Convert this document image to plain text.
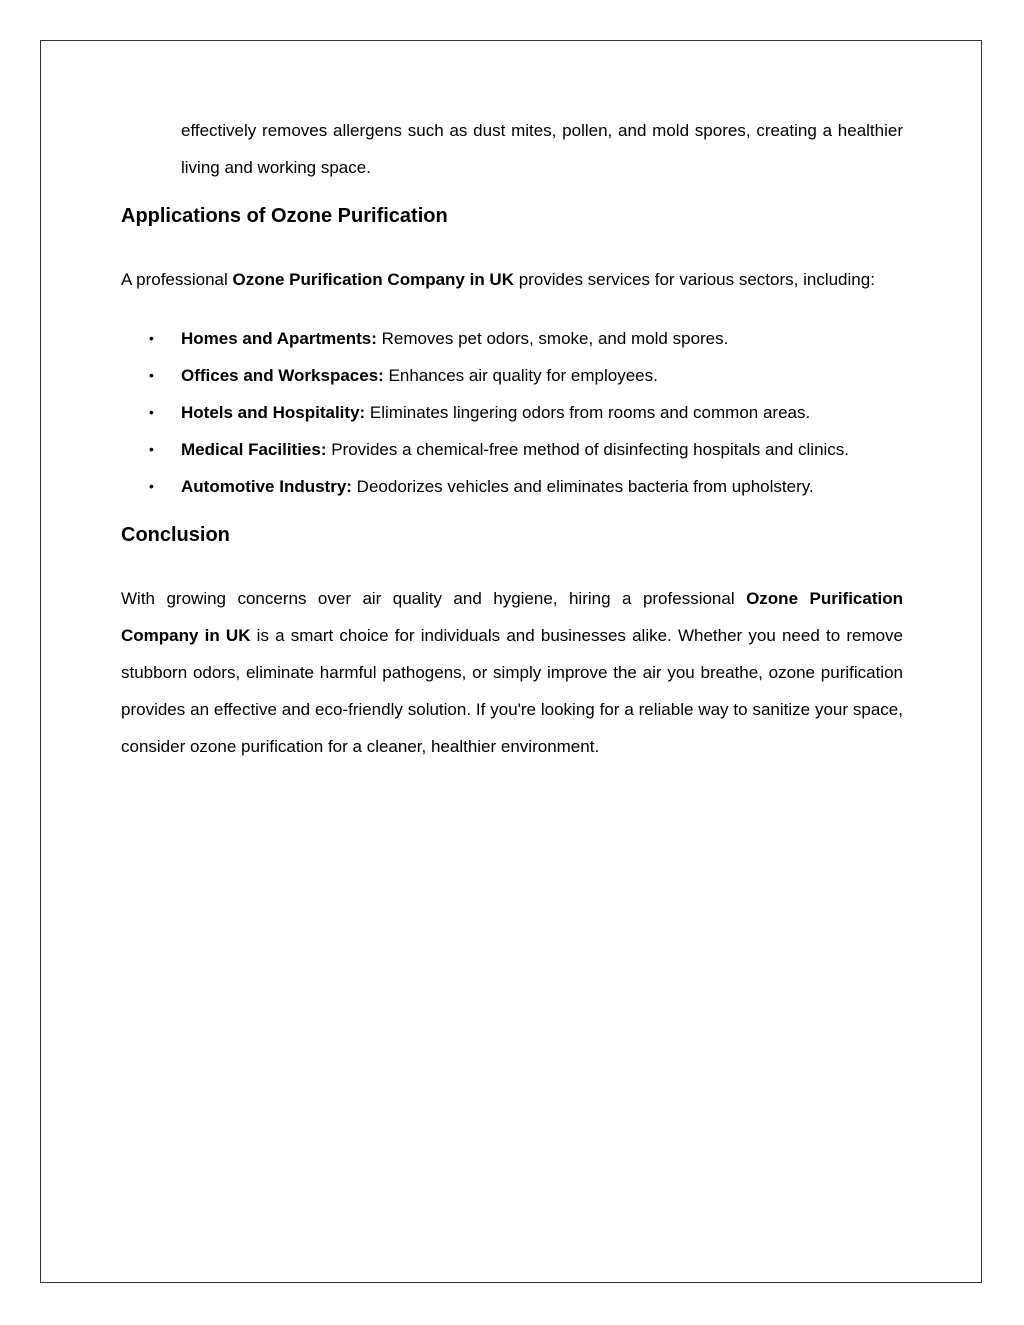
effectively removes allergens such as dust mites, pollen, and mold spores, creating a healthier living and working space.

Applications of Ozone Purification

A professional Ozone Purification Company in UK provides services for various sectors, including:

• Homes and Apartments: Removes pet odors, smoke, and mold spores.
• Offices and Workspaces: Enhances air quality for employees.
• Hotels and Hospitality: Eliminates lingering odors from rooms and common areas.
• Medical Facilities: Provides a chemical-free method of disinfecting hospitals and clinics.
• Automotive Industry: Deodorizes vehicles and eliminates bacteria from upholstery.
Conclusion

With growing concerns over air quality and hygiene, hiring a professional Ozone Purification Company in UK is a smart choice for individuals and businesses alike. Whether you need to remove stubborn odors, eliminate harmful pathogens, or simply improve the air you breathe, ozone purification provides an effective and eco-friendly solution. If you're looking for a reliable way to sanitize your space, consider ozone purification for a cleaner, healthier environment.
